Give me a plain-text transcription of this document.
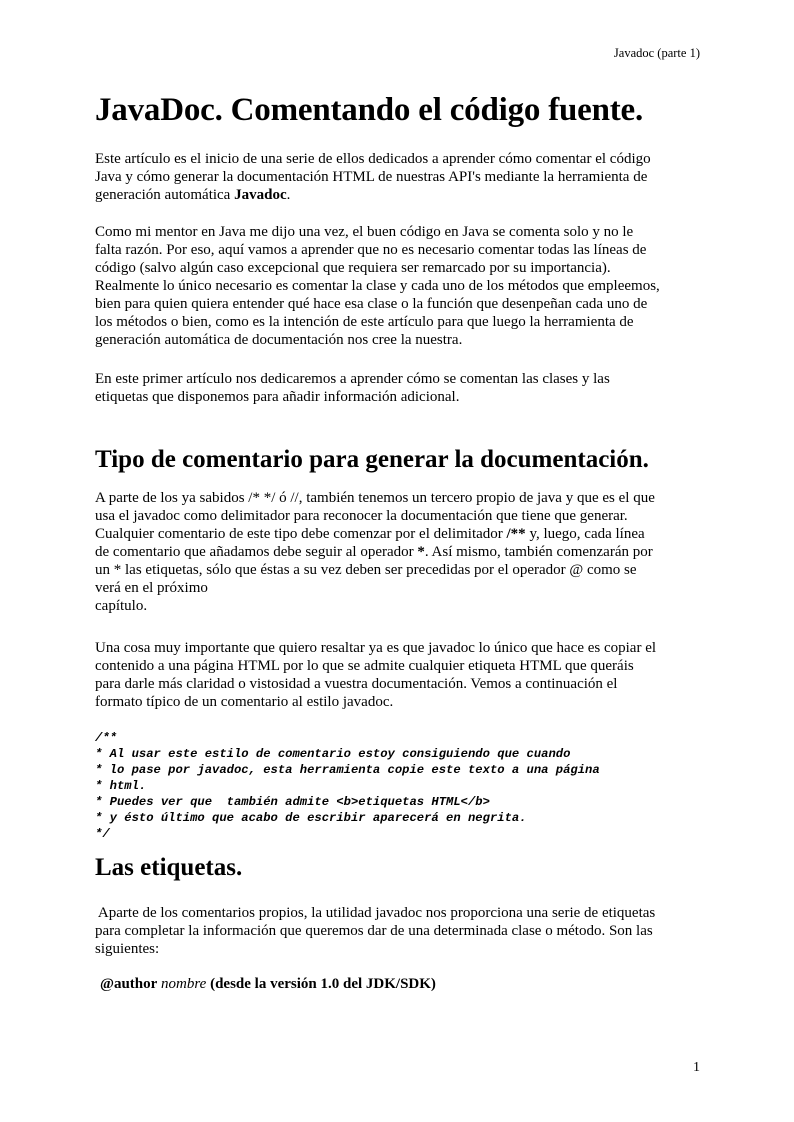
Javadoc (parte 1)
JavaDoc. Comentando el código fuente.

Este artículo es el inicio de una serie de ellos dedicados a aprender cómo comentar el código
Java y cómo generar la documentación HTML de nuestras API's mediante la herramienta de
generación automática Javadoc.

Como mi mentor en Java me dijo una vez, el buen código en Java se comenta solo y no le
falta razón. Por eso, aquí vamos a aprender que no es necesario comentar todas las líneas de
código (salvo algún caso excepcional que requiera ser remarcado por su importancia).
Realmente lo único necesario es comentar la clase y cada uno de los métodos que empleemos,
bien para quien quiera entender qué hace esa clase o la función que desenpeñan cada uno de
los métodos o bien, como es la intención de este artículo para que luego la herramienta de
generación automática de documentación nos cree la nuestra.

En este primer artículo nos dedicaremos a aprender cómo se comentan las clases y las
etiquetas que disponemos para añadir información adicional.

Tipo de comentario para generar la documentación.

A parte de los ya sabidos /* */ ó //, también tenemos un tercero propio de java y que es el que
usa el javadoc como delimitador para reconocer la documentación que tiene que generar.
Cualquier comentario de este tipo debe comenzar por el delimitador /** y, luego, cada línea
de comentario que añadamos debe seguir al operador *. Así mismo, también comenzarán por
un * las etiquetas, sólo que éstas a su vez deben ser precedidas por el operador @ como se
verá en el próximo
capítulo.

Una cosa muy importante que quiero resaltar ya es que javadoc lo único que hace es copiar el
contenido a una página HTML por lo que se admite cualquier etiqueta HTML que queráis
para darle más claridad o vistosidad a vuestra documentación. Vemos a continuación el
formato típico de un comentario al estilo javadoc.

/**
* Al usar este estilo de comentario estoy consiguiendo que cuando
* lo pase por javadoc, esta herramienta copie este texto a una página
* html.
* Puedes ver que  también admite <b>etiquetas HTML</b>
* y ésto último que acabo de escribir aparecerá en negrita.
*/
Las etiquetas.

Aparte de los comentarios propios, la utilidad javadoc nos proporciona una serie de etiquetas
para completar la información que queremos dar de una determinada clase o método. Son las
siguientes:

@author nombre (desde la versión 1.0 del JDK/SDK)

1
